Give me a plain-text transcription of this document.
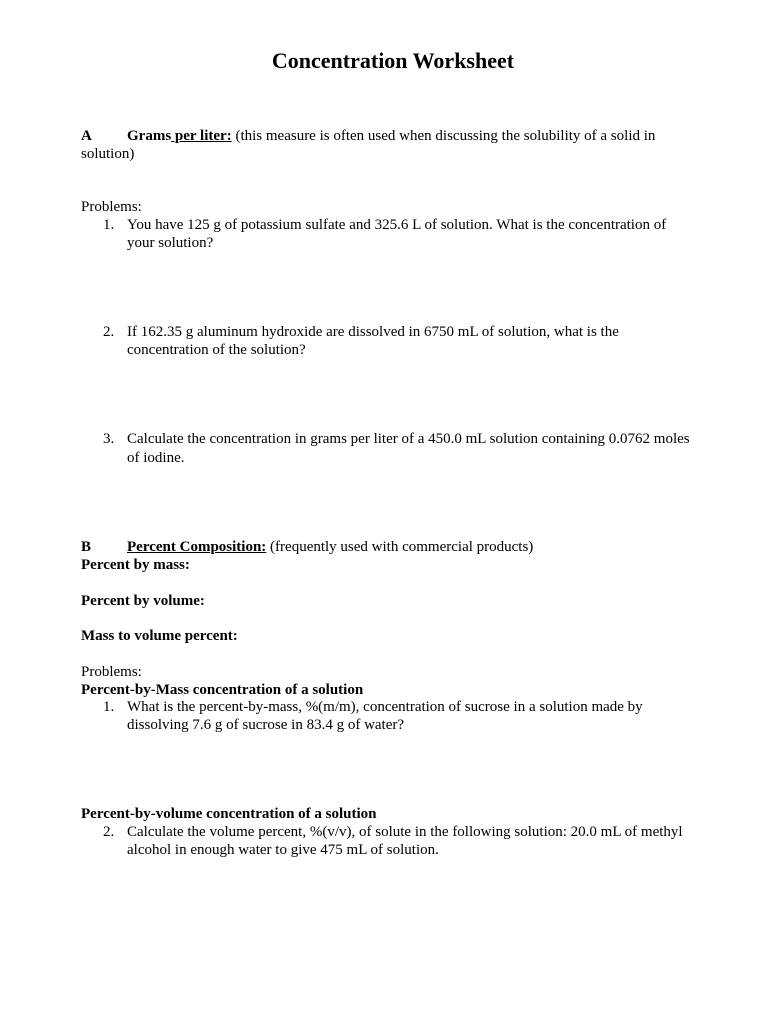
Concentration Worksheet
A Grams per liter: (this measure is often used when discussing the solubility of a solid in
solution)
Problems:
1. You have 125 g of potassium sulfate and 325.6 L of solution. What is the concentration of
your solution?
2. If 162.35 g aluminum hydroxide are dissolved in 6750 mL of solution, what is the
concentration of the solution?
3. Calculate the concentration in grams per liter of a 450.0 mL solution containing 0.0762 moles
of iodine.
B Percent Composition: (frequently used with commercial products)
Percent by mass:
Percent by volume:
Mass to volume percent:
Problems:
Percent-by-Mass concentration of a solution
1. What is the percent-by-mass, %(m/m), concentration of sucrose in a solution made by
dissolving 7.6 g of sucrose in 83.4 g of water?
Percent-by-volume concentration of a solution
2. Calculate the volume percent, %(v/v), of solute in the following solution: 20.0 mL of methyl
alcohol in enough water to give 475 mL of solution.
